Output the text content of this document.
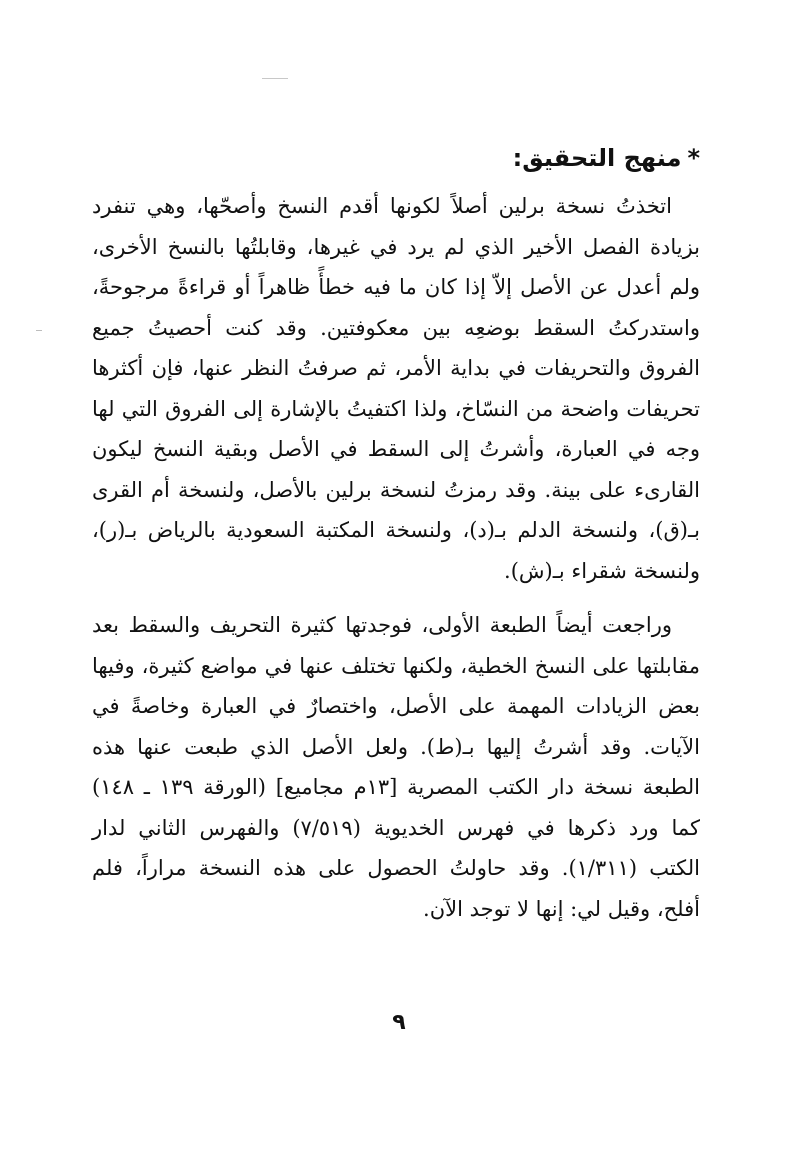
*منهج التحقيق:

اتخذتُ نسخة برلين أصلاً لكونها أقدم النسخ وأصحّها، وهي تنفرد بزيادة الفصل الأخير الذي لم يرد في غيرها، وقابلتُها بالنسخ الأخرى، ولم أعدل عن الأصل إلاّ إذا كان ما فيه خطأً ظاهراً أو قراءةً مرجوحةً، واستدركتُ السقط بوضعِه بين معكوفتين. وقد كنت أحصيتُ جميع الفروق والتحريفات في بداية الأمر، ثم صرفتُ النظر عنها، فإن أكثرها تحريفات واضحة من النسّاخ، ولذا اكتفيتُ بالإشارة إلى الفروق التي لها وجه في العبارة، وأشرتُ إلى السقط في الأصل وبقية النسخ ليكون القارىء على بينة. وقد رمزتُ لنسخة برلين بالأصل، ولنسخة أم القرى بـ(ق)، ولنسخة الدلم بـ(د)، ولنسخة المكتبة السعودية بالرياض بـ(ر)، ولنسخة شقراء بـ(ش).

وراجعت أيضاً الطبعة الأولى، فوجدتها كثيرة التحريف والسقط بعد مقابلتها على النسخ الخطية، ولكنها تختلف عنها في مواضع كثيرة، وفيها بعض الزيادات المهمة على الأصل، واختصارٌ في العبارة وخاصةً في الآيات. وقد أشرتُ إليها بـ(ط). ولعل الأصل الذي طبعت عنها هذه الطبعة نسخة دار الكتب المصرية [١٣م مجاميع] (الورقة ١٣٩ ـ ١٤٨) كما ورد ذكرها في فهرس الخديوية (٧/٥١٩) والفهرس الثاني لدار الكتب (١/٣١١). وقد حاولتُ الحصول على هذه النسخة مراراً، فلم أفلح، وقيل لي: إنها لا توجد الآن.

٩
